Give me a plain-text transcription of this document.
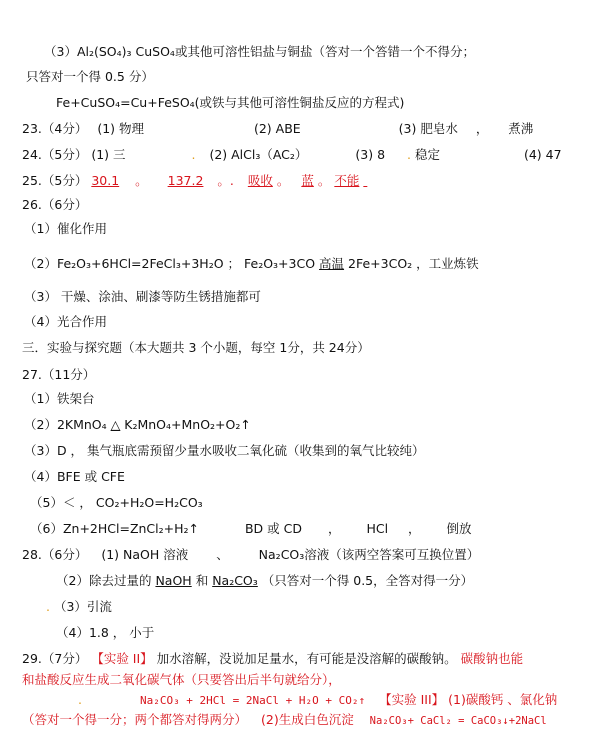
（3）Al₂(SO₄)₃ CuSO₄或其他可溶性铝盐与铜盐（答对一个答错一个不得分；
只答对一个得 0.5 分）
Fe+CuSO₄=Cu+FeSO₄(或铁与其他可溶性铜盐反应的方程式)
23.（4分） (1) 物理	(2) ABE	(3) 肥皂水 ， 煮沸
24.（5分） (1) 三	. (2) AlCl₃（AC₂）	(3) 8 . 稳定	(4) 47
25.（5分） 30.1 。 137.2 。. 吸收 。 蓝 。 不能
26.（6分）
（1）催化作用
（2）Fe₂O₃+6HCl=2FeCl₃+3H₂O ； Fe₂O₃+3CO 高温 2Fe+3CO₂ ，工业炼铁
（3） 干燥、涂油、刷漆等防生锈措施都可
（4）光合作用
三．实验与探究题（本大题共 3 个小题，每空 1分，共 24分）
27.（11分）
（1）铁架台
（2）2KMnO₄ △ K₂MnO₄+MnO₂+O₂↑
（3）D ， 集气瓶底需预留少量水吸收二氧化硫（收集到的氧气比较纯）
（4）BFE 或 CFE
（5）＜ ， CO₂+H₂O=H₂CO₃
（6）Zn+2HCl=ZnCl₂+H₂↑	BD 或 CD ， HCl ， 倒放
28.（6分） (1) NaOH 溶液 、 Na₂CO₃溶液（该两空答案可互换位置）
（2）除去过量的 NaOH 和 Na₂CO₃ （只答对一个得 0.5，全答对得一分）
. （3）引流
（4）1.8 ， 小于
29.（7分） 【实验 II】 加水溶解，没说加足量水，有可能是没溶解的碳酸钠。 碳酸钠也能
和盐酸反应生成二氧化碳气体（只要答出后半句就给分），
.	Na₂CO₃ + 2HCl = 2NaCl + H₂O + CO₂↑ 【实验 III】 (1)碳酸钙 、氯化钠
（答对一个得一分；两个都答对得两分） (2)生成白色沉淀 Na₂CO₃+ CaCl₂ = CaCO₃↓+2NaCl
